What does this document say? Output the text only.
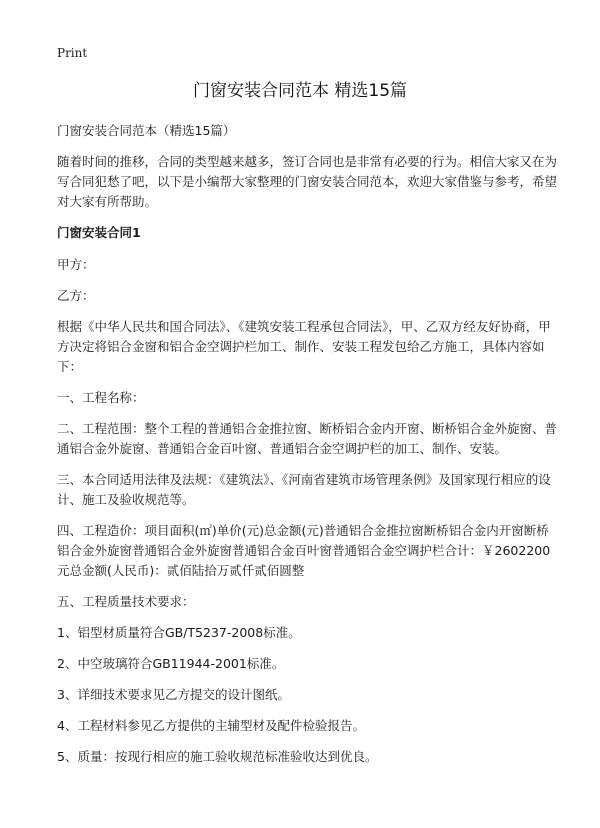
Print
门窗安装合同范本 精选15篇

门窗安装合同范本（精选15篇）

随着时间的推移，合同的类型越来越多，签订合同也是非常有必要的行为。相信大家又在为写合同犯愁了吧，以下是小编帮大家整理的门窗安装合同范本，欢迎大家借鉴与参考，希望对大家有所帮助。

门窗安装合同1

甲方：

乙方：

根据《中华人民共和国合同法》、《建筑安装工程承包合同法》，甲、乙双方经友好协商，甲方决定将铝合金窗和铝合金空调护栏加工、制作、安装工程发包给乙方施工，具体内容如下：

一、工程名称：

二、工程范围：整个工程的普通铝合金推拉窗、断桥铝合金内开窗、断桥铝合金外旋窗、普通铝合金外旋窗、普通铝合金百叶窗、普通铝合金空调护栏的加工、制作、安装。

三、本合同适用法律及法规：《建筑法》、《河南省建筑市场管理条例》及国家现行相应的设计、施工及验收规范等。

四、工程造价：项目面积(㎡)单价(元)总金额(元)普通铝合金推拉窗断桥铝合金内开窗断桥铝合金外旋窗普通铝合金外旋窗普通铝合金百叶窗普通铝合金空调护栏合计：￥2602200元总金额(人民币)：贰佰陆拾万贰仟贰佰圆整

五、工程质量技术要求：

1、铝型材质量符合GB/T5237-2008标准。

2、中空玻璃符合GB11944-2001标准。

3、详细技术要求见乙方提交的设计图纸。

4、工程材料参见乙方提供的主辅型材及配件检验报告。

5、质量：按现行相应的施工验收规范标准验收达到优良。
